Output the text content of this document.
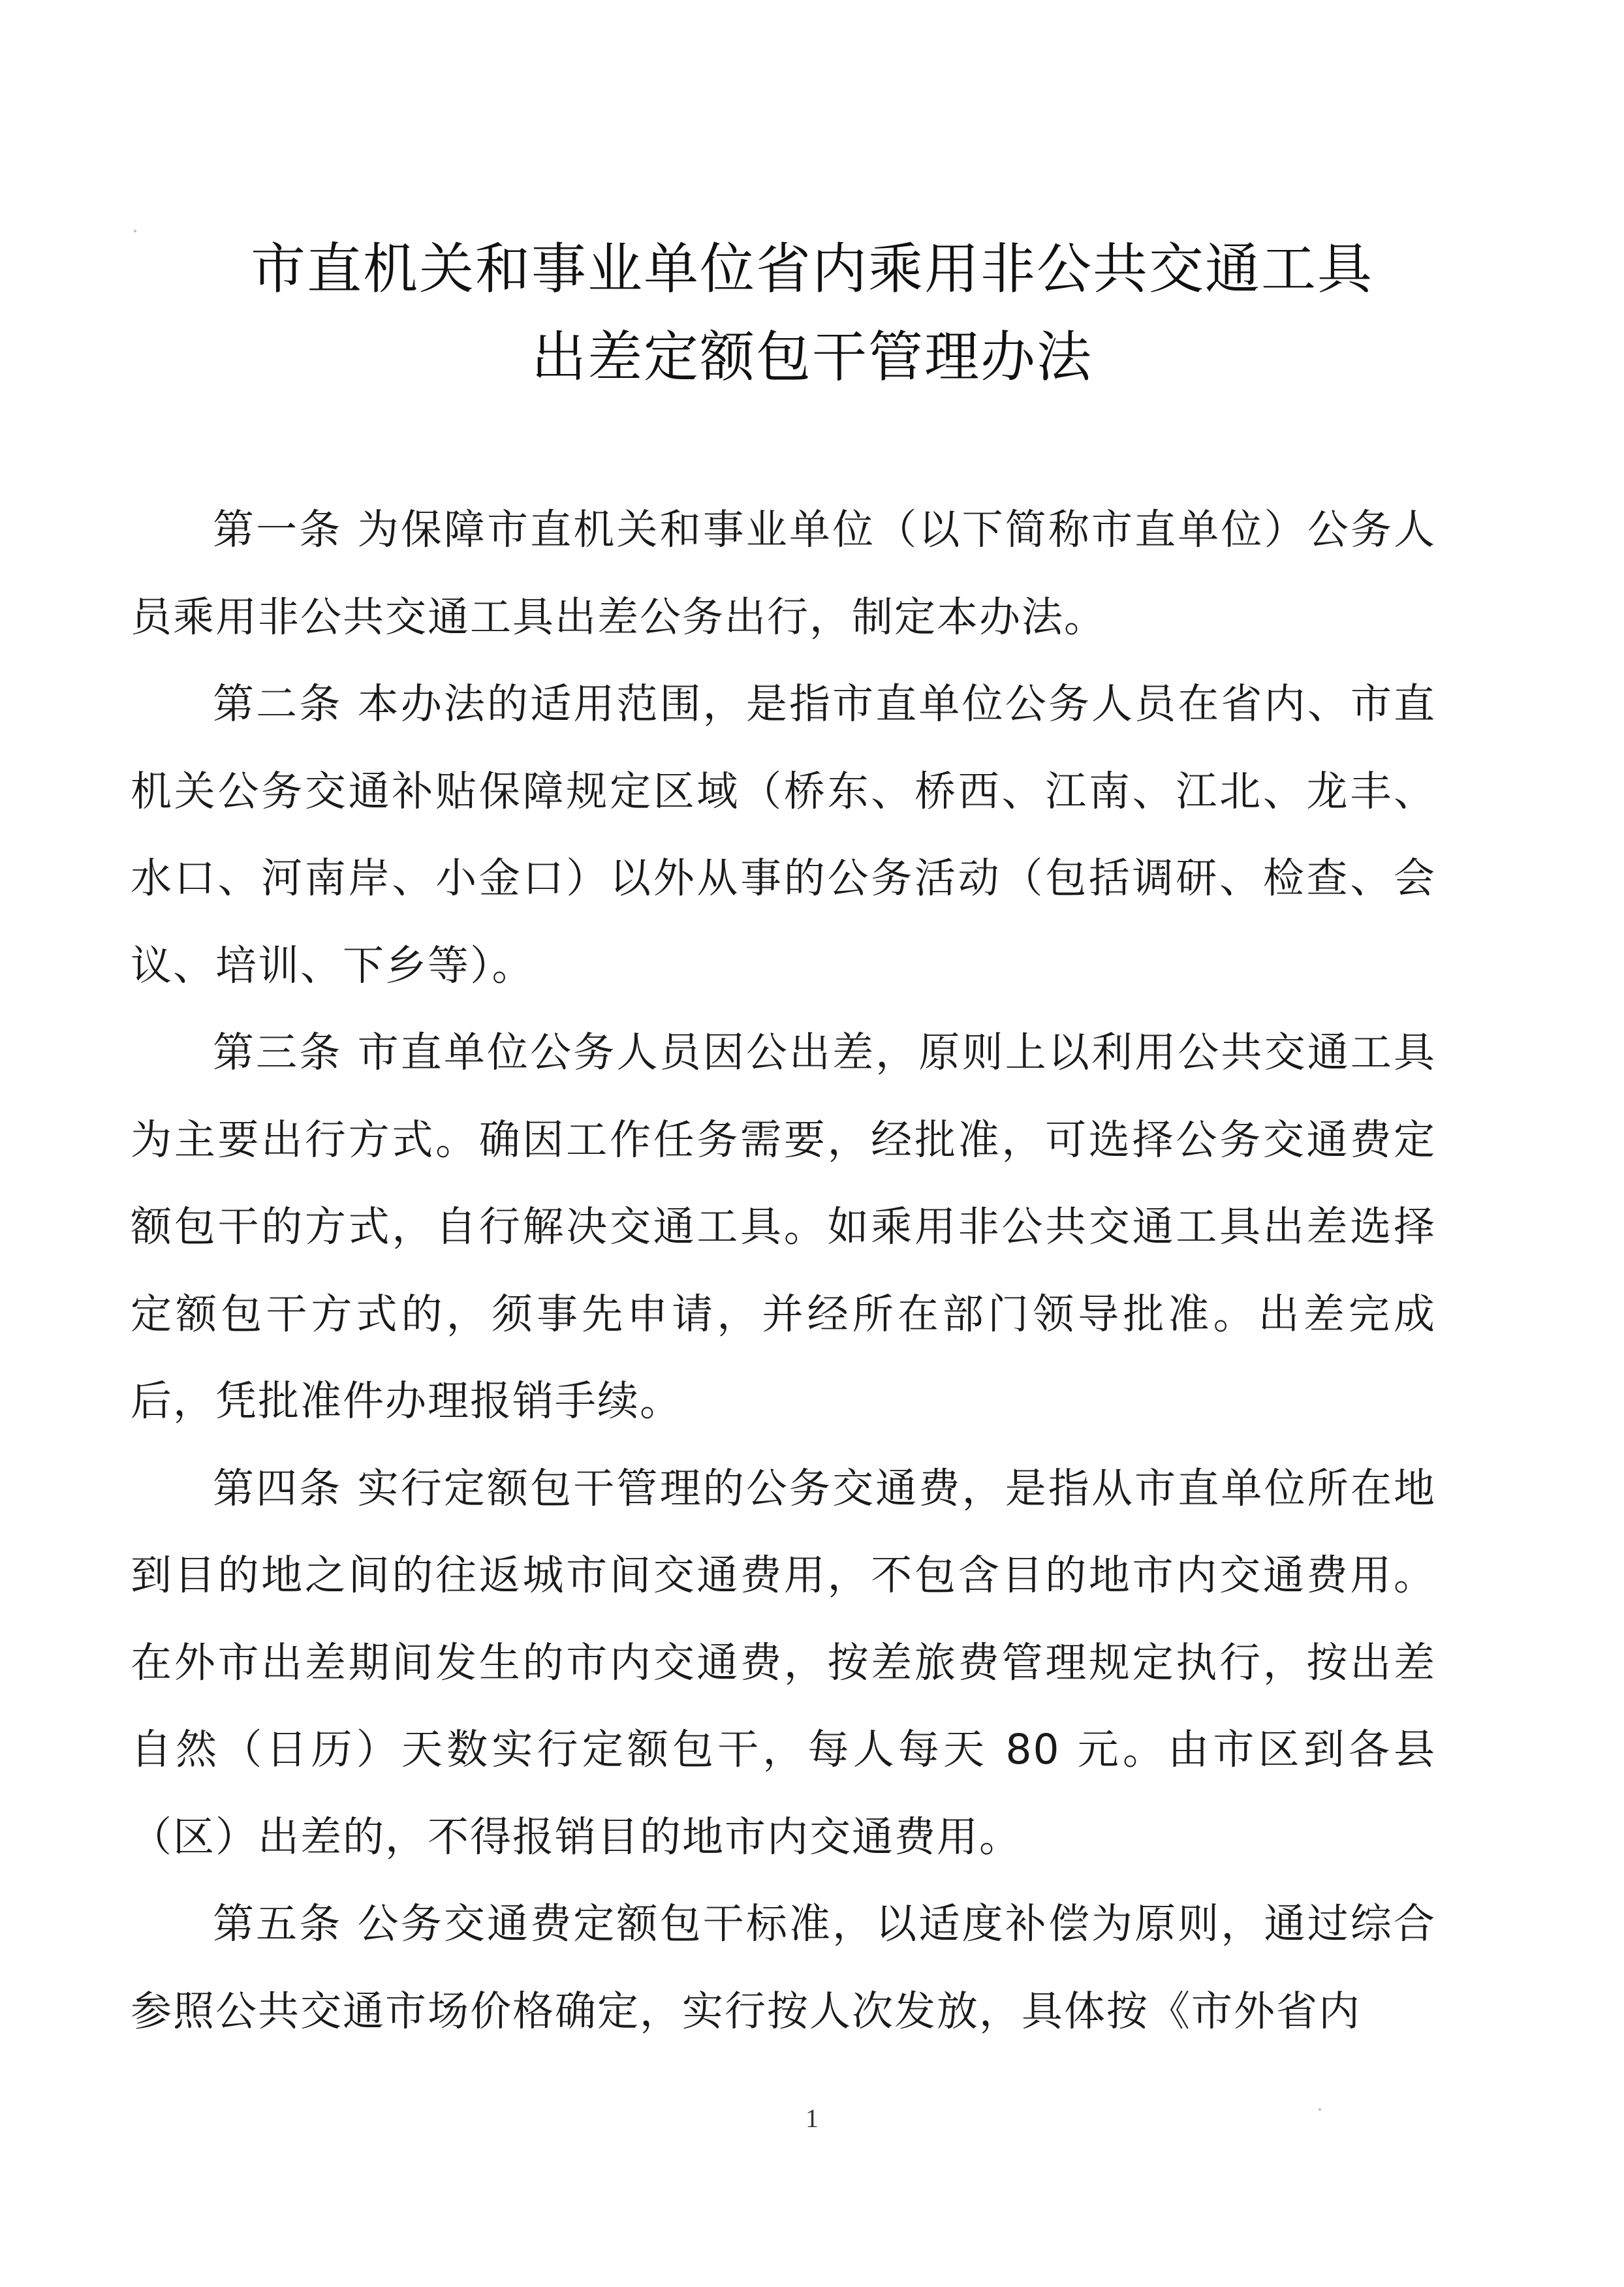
市直机关和事业单位省内乘用非公共交通工具
出差定额包干管理办法

第一条 为保障市直机关和事业单位（以下简称市直单位）公务人员乘用非公共交通工具出差公务出行，制定本办法。

第二条 本办法的适用范围，是指市直单位公务人员在省内、市直机关公务交通补贴保障规定区域（桥东、桥西、江南、江北、龙丰、水口、河南岸、小金口）以外从事的公务活动（包括调研、检查、会议、培训、下乡等）。

第三条 市直单位公务人员因公出差，原则上以利用公共交通工具为主要出行方式。确因工作任务需要，经批准，可选择公务交通费定额包干的方式，自行解决交通工具。如乘用非公共交通工具出差选择定额包干方式的，须事先申请，并经所在部门领导批准。出差完成后，凭批准件办理报销手续。

第四条 实行定额包干管理的公务交通费，是指从市直单位所在地到目的地之间的往返城市间交通费用，不包含目的地市内交通费用。在外市出差期间发生的市内交通费，按差旅费管理规定执行，按出差自然（日历）天数实行定额包干，每人每天 80 元。由市区到各县（区）出差的，不得报销目的地市内交通费用。

第五条 公务交通费定额包干标准，以适度补偿为原则，通过综合参照公共交通市场价格确定，实行按人次发放，具体按《市外省内

1
